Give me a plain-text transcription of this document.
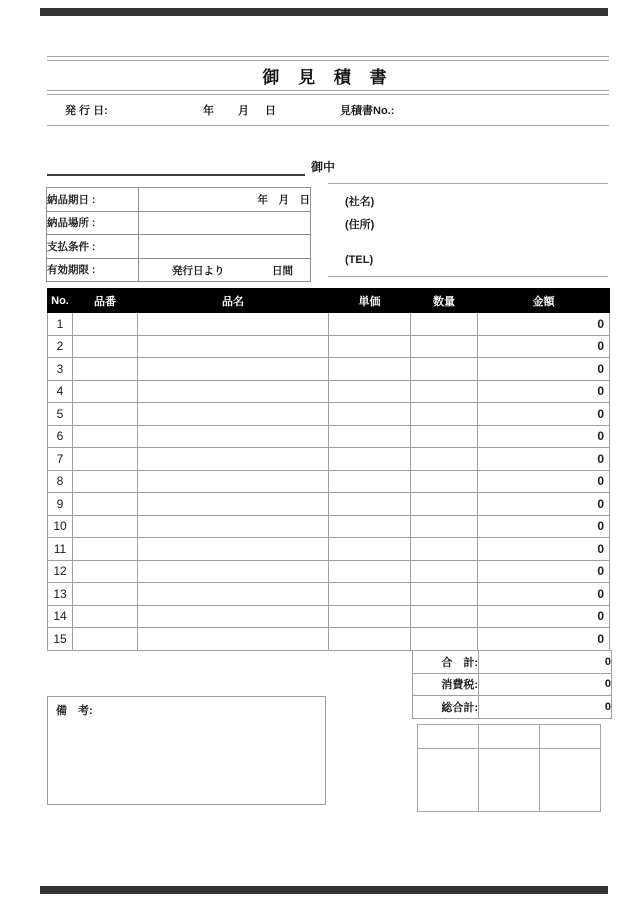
御 見 積 書
発 行 日:	年 月 日	見積書No.:
御中
納品期日 :	年　月　日
納品場所 :	
支払条件 :	
有効期限 :	発行日より 日間
(社名)
(住所)
(TEL)
No.	品番	品名	単価	数量	金額
1					0
2					0
3					0
4					0
5					0
6					0
7					0
8					0
9					0
10					0
11					0
12					0
13					0
14					0
15					0
合　計:	0
消費税:	0
総合計:	0
備　考:
